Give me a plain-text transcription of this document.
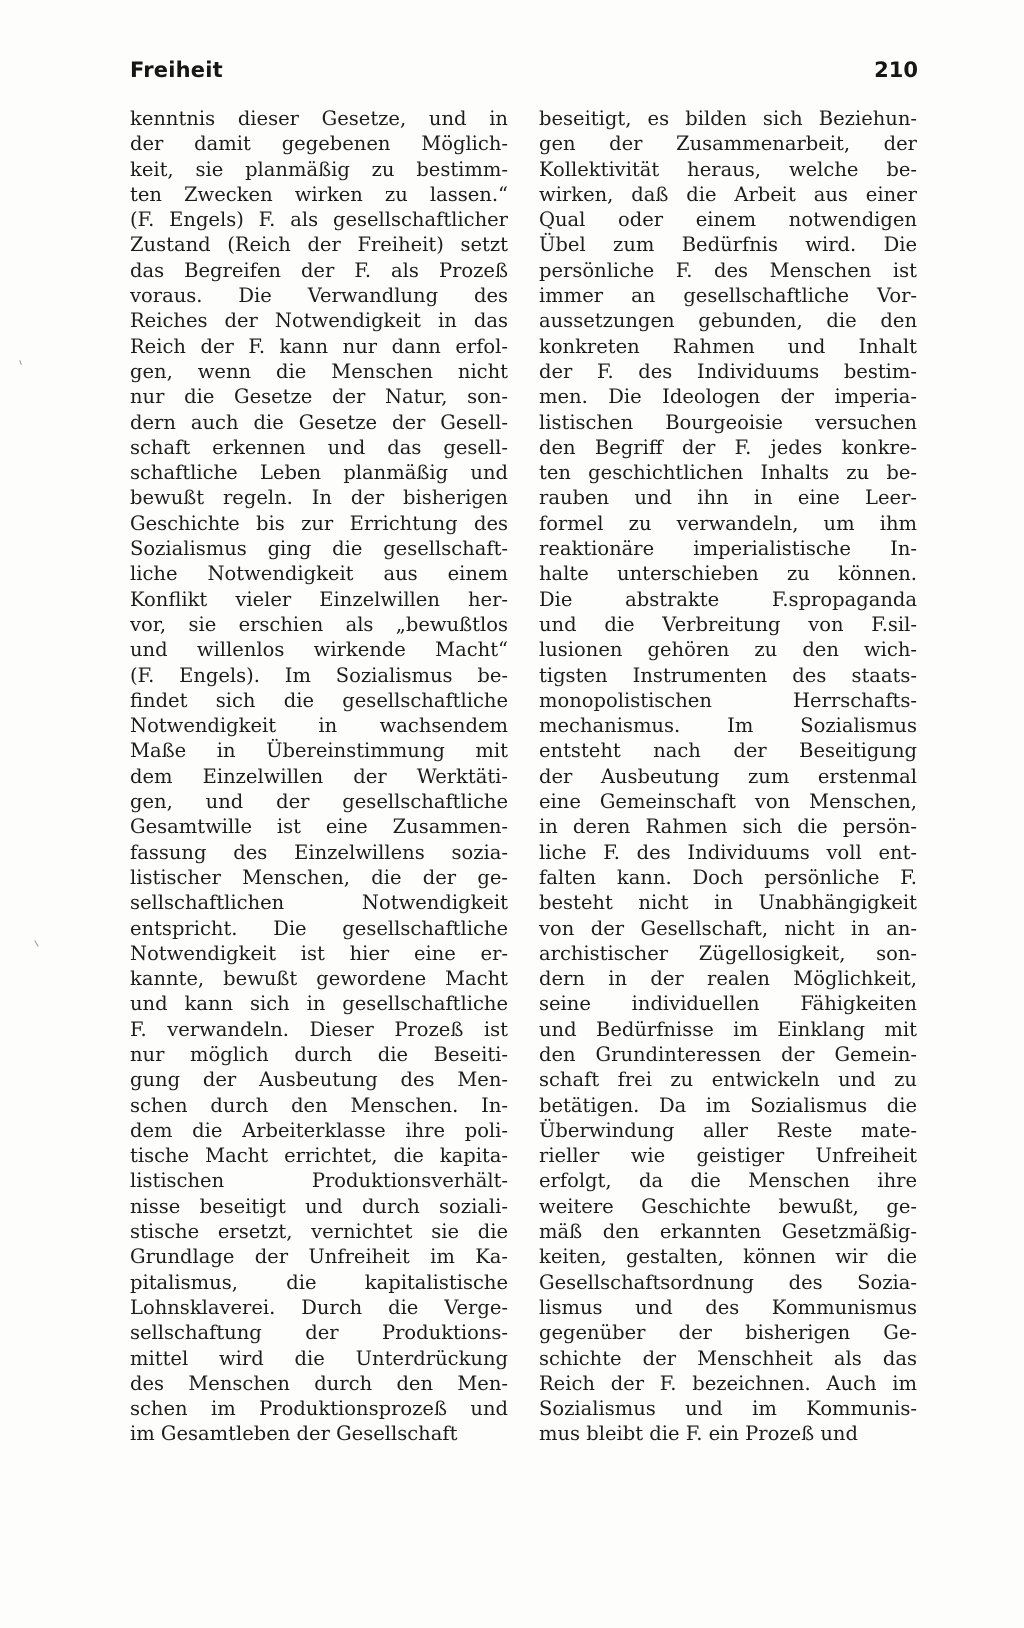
Freiheit	210
kenntnis dieser Gesetze, und in
der damit gegebenen Möglich-
keit, sie planmäßig zu bestimm-
ten Zwecken wirken zu lassen.“
(F. Engels) F. als gesellschaftlicher
Zustand (Reich der Freiheit) setzt
das Begreifen der F. als Prozeß
voraus. Die Verwandlung des
Reiches der Notwendigkeit in das
Reich der F. kann nur dann erfol-
gen, wenn die Menschen nicht
nur die Gesetze der Natur, son-
dern auch die Gesetze der Gesell-
schaft erkennen und das gesell-
schaftliche Leben planmäßig und
bewußt regeln. In der bisherigen
Geschichte bis zur Errichtung des
Sozialismus ging die gesellschaft-
liche Notwendigkeit aus einem
Konflikt vieler Einzelwillen her-
vor, sie erschien als „bewußtlos
und willenlos wirkende Macht“
(F. Engels). Im Sozialismus be-
findet sich die gesellschaftliche
Notwendigkeit in wachsendem
Maße in Übereinstimmung mit
dem Einzelwillen der Werktäti-
gen, und der gesellschaftliche
Gesamtwille ist eine Zusammen-
fassung des Einzelwillens sozia-
listischer Menschen, die der ge-
sellschaftlichen Notwendigkeit
entspricht. Die gesellschaftliche
Notwendigkeit ist hier eine er-
kannte, bewußt gewordene Macht
und kann sich in gesellschaftliche
F. verwandeln. Dieser Prozeß ist
nur möglich durch die Beseiti-
gung der Ausbeutung des Men-
schen durch den Menschen. In-
dem die Arbeiterklasse ihre poli-
tische Macht errichtet, die kapita-
listischen Produktionsverhält-
nisse beseitigt und durch soziali-
stische ersetzt, vernichtet sie die
Grundlage der Unfreiheit im Ka-
pitalismus, die kapitalistische
Lohnsklaverei. Durch die Verge-
sellschaftung der Produktions-
mittel wird die Unterdrückung
des Menschen durch den Men-
schen im Produktionsprozeß und
im Gesamtleben der Gesellschaft
beseitigt, es bilden sich Beziehun-
gen der Zusammenarbeit, der
Kollektivität heraus, welche be-
wirken, daß die Arbeit aus einer
Qual oder einem notwendigen
Übel zum Bedürfnis wird. Die
persönliche F. des Menschen ist
immer an gesellschaftliche Vor-
aussetzungen gebunden, die den
konkreten Rahmen und Inhalt
der F. des Individuums bestim-
men. Die Ideologen der imperia-
listischen Bourgeoisie versuchen
den Begriff der F. jedes konkre-
ten geschichtlichen Inhalts zu be-
rauben und ihn in eine Leer-
formel zu verwandeln, um ihm
reaktionäre imperialistische In-
halte unterschieben zu können.
Die abstrakte F.spropaganda
und die Verbreitung von F.sil-
lusionen gehören zu den wich-
tigsten Instrumenten des staats-
monopolistischen Herrschafts-
mechanismus. Im Sozialismus
entsteht nach der Beseitigung
der Ausbeutung zum erstenmal
eine Gemeinschaft von Menschen,
in deren Rahmen sich die persön-
liche F. des Individuums voll ent-
falten kann. Doch persönliche F.
besteht nicht in Unabhängigkeit
von der Gesellschaft, nicht in an-
archistischer Zügellosigkeit, son-
dern in der realen Möglichkeit,
seine individuellen Fähigkeiten
und Bedürfnisse im Einklang mit
den Grundinteressen der Gemein-
schaft frei zu entwickeln und zu
betätigen. Da im Sozialismus die
Überwindung aller Reste mate-
rieller wie geistiger Unfreiheit
erfolgt, da die Menschen ihre
weitere Geschichte bewußt, ge-
mäß den erkannten Gesetzmäßig-
keiten, gestalten, können wir die
Gesellschaftsordnung des Sozia-
lismus und des Kommunismus
gegenüber der bisherigen Ge-
schichte der Menschheit als das
Reich der F. bezeichnen. Auch im
Sozialismus und im Kommunis-
mus bleibt die F. ein Prozeß und
